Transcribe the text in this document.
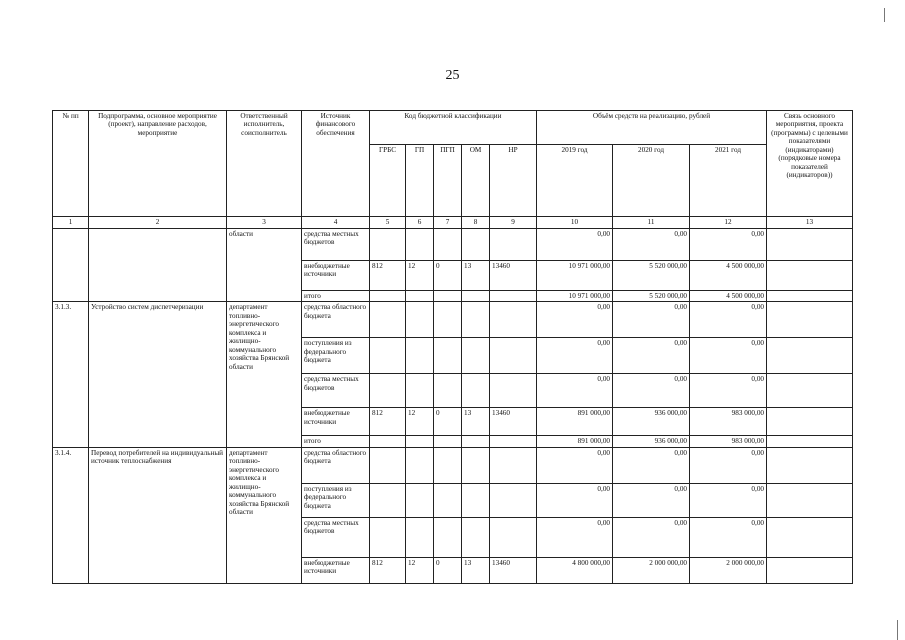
25
№ пп	Подпрограмма, основное мероприятие (проект), направление расходов, мероприятие	Ответственный исполнитель, соисполнитель	Источник финансового обеспечения	Код бюджетной классификации					Объём средств на реализацию, рублей			Связь основного мероприятия, проекта (программы) с целевыми показателями (индикаторами) (порядковые номера показателей (индикаторов))
				ГРБС	ГП	ПГП	ОМ	НР	2019 год	2020 год	2021 год	
1	2	3	4	5	6	7	8	9	10	11	12	13
		области	средства местных бюджетов						0,00	0,00	0,00	
			внебюджетные источники	812	12	0	13	13460	10 971 000,00	5 520 000,00	4 500 000,00	
			итого						10 971 000,00	5 520 000,00	4 500 000,00	
3.1.3.	Устройство систем диспетчеризации	департамент топливно-энергетического комплекса и жилищно-коммунального хозяйства Брянской области	средства областного бюджета						0,00	0,00	0,00	
			поступления из федерального бюджета						0,00	0,00	0,00	
			средства местных бюджетов						0,00	0,00	0,00	
			внебюджетные источники	812	12	0	13	13460	891 000,00	936 000,00	983 000,00	
			итого						891 000,00	936 000,00	983 000,00	
3.1.4.	Перевод потребителей на индивидуальный источник теплоснабжения	департамент топливно-энергетического комплекса и жилищно-коммунального хозяйства Брянской области	средства областного бюджета						0,00	0,00	0,00	
			поступления из федерального бюджета						0,00	0,00	0,00	
			средства местных бюджетов						0,00	0,00	0,00	
			внебюджетные источники	812	12	0	13	13460	4 800 000,00	2 000 000,00	2 000 000,00	
